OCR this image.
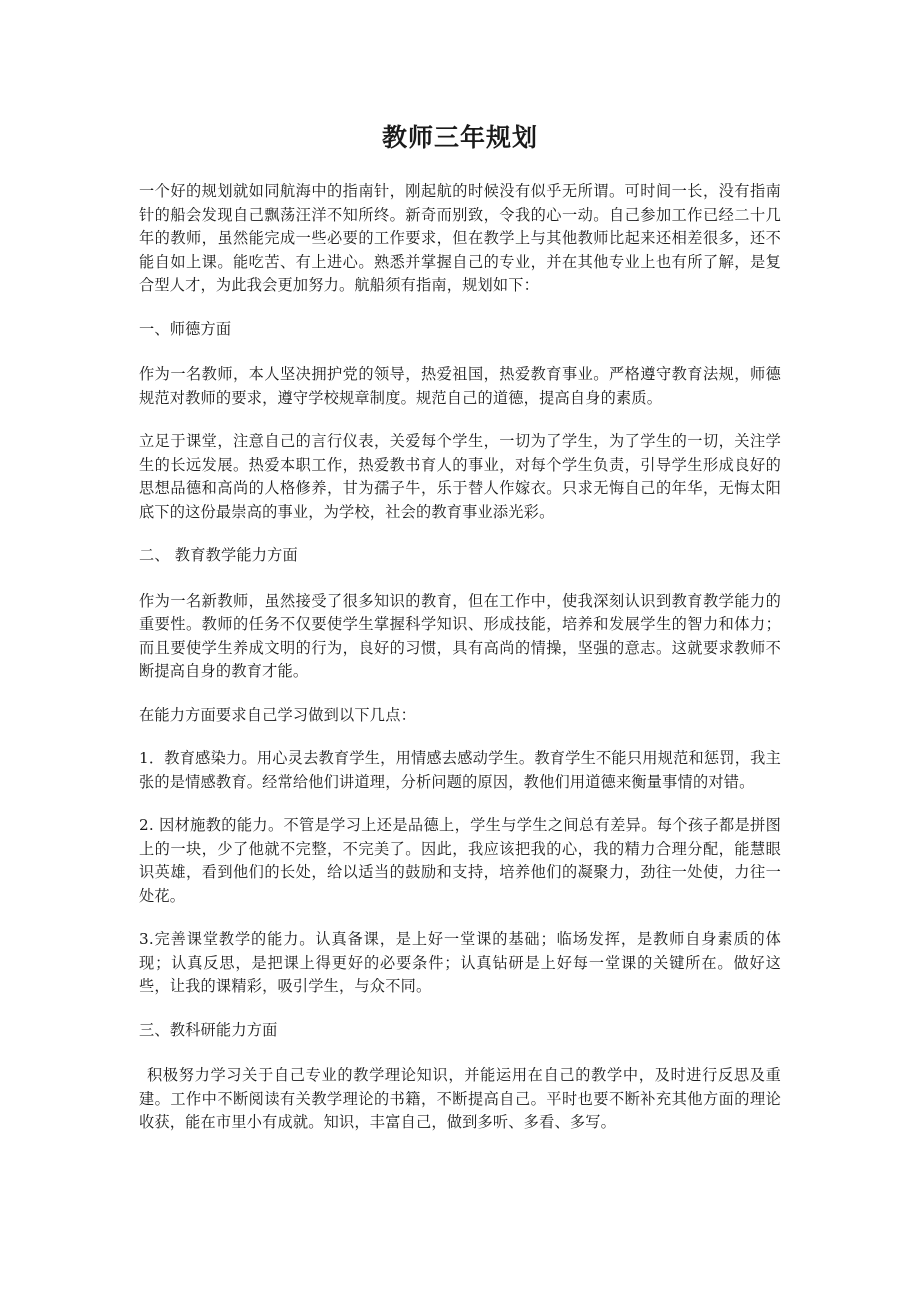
教师三年规划

一个好的规划就如同航海中的指南针，刚起航的时候没有似乎无所谓。可时间一长，没有指南针的船会发现自己飘荡汪洋不知所终。新奇而别致，令我的心一动。自己参加工作已经二十几年的教师，虽然能完成一些必要的工作要求，但在教学上与其他教师比起来还相差很多，还不能自如上课。能吃苦、有上进心。熟悉并掌握自己的专业，并在其他专业上也有所了解，是复合型人才，为此我会更加努力。航船须有指南，规划如下：

一、师德方面

作为一名教师，本人坚决拥护党的领导，热爱祖国，热爱教育事业。严格遵守教育法规，师德规范对教师的要求，遵守学校规章制度。规范自己的道德，提高自身的素质。

立足于课堂，注意自己的言行仪表，关爱每个学生，一切为了学生，为了学生的一切，关注学生的长远发展。热爱本职工作，热爱教书育人的事业，对每个学生负责，引导学生形成良好的思想品德和高尚的人格修养，甘为孺子牛，乐于替人作嫁衣。只求无悔自己的年华，无悔太阳底下的这份最崇高的事业，为学校，社会的教育事业添光彩。

二、 教育教学能力方面

作为一名新教师，虽然接受了很多知识的教育，但在工作中，使我深刻认识到教育教学能力的重要性。教师的任务不仅要使学生掌握科学知识、形成技能，培养和发展学生的智力和体力；而且要使学生养成文明的行为，良好的习惯，具有高尚的情操，坚强的意志。这就要求教师不断提高自身的教育才能。

在能力方面要求自己学习做到以下几点：

1．教育感染力。用心灵去教育学生，用情感去感动学生。教育学生不能只用规范和惩罚，我主张的是情感教育。经常给他们讲道理，分析问题的原因，教他们用道德来衡量事情的对错。

2. 因材施教的能力。不管是学习上还是品德上，学生与学生之间总有差异。每个孩子都是拼图上的一块，少了他就不完整，不完美了。因此，我应该把我的心，我的精力合理分配，能慧眼识英雄，看到他们的长处，给以适当的鼓励和支持，培养他们的凝聚力，劲往一处使，力往一处花。

3.完善课堂教学的能力。认真备课，是上好一堂课的基础；临场发挥，是教师自身素质的体现；认真反思，是把课上得更好的必要条件；认真钻研是上好每一堂课的关键所在。做好这些，让我的课精彩，吸引学生，与众不同。

三、教科研能力方面

积极努力学习关于自己专业的教学理论知识，并能运用在自己的教学中，及时进行反思及重建。工作中不断阅读有关教学理论的书籍，不断提高自己。平时也要不断补充其他方面的理论收获，能在市里小有成就。知识，丰富自己，做到多听、多看、多写。
